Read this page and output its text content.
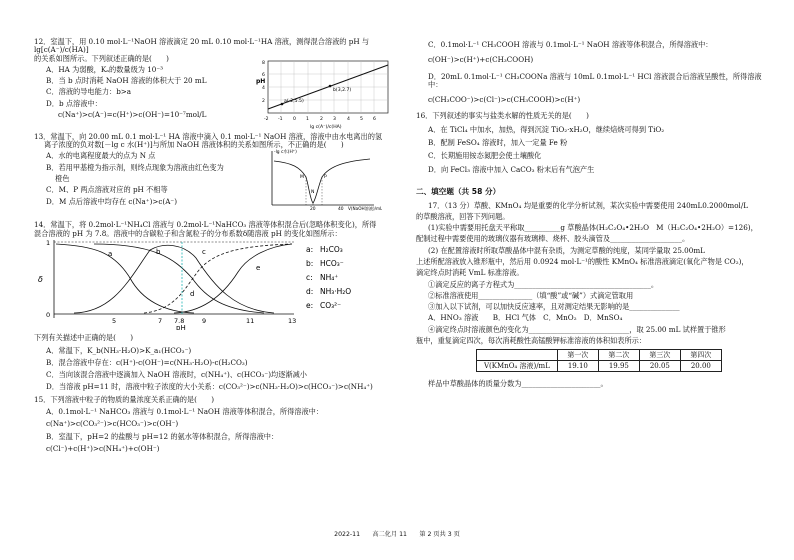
12．室温下，用 0.10 mol·L⁻¹NaOH 溶液滴定 20 mL 0.10 mol·L⁻¹HA 溶液，测得混合溶液的 pH 与 lg[c(A⁻)/c(HA)]

的关系如图所示。下列叙述正确的是(　　)

A．HA 为弱酸，Kₐ的数量级为 10⁻³

B．当 b 点时消耗 NaOH 溶液的体积大于 20 mL

C．溶液的导电能力：b>a

D．b 点溶液中：

c(Na⁺)>c(A⁻)=c(H⁺)>c(OH⁻)=10⁻⁷mol/L

a(-2,5.5)
b(3,2.7)
pH
2
4
6
8
-2 -1 0 1 2 3 4 5 6
lg c(A⁻)/c(HA)

13．常温下，向 20.00 mL 0.1 mol·L⁻¹ HA 溶液中滴入 0.1 mol·L⁻¹ NaOH 溶液，溶液中由水电离出的氢

离子浓度的负对数[－lg c 水(H⁺)]与所加 NaOH 溶液体积的关系如图所示，不正确的是(　　)

A．水的电离程度最大的点为 N 点

B．若用甲基橙为指示剂，则终点现象为溶液由红色变为

橙色

C．M、P 两点溶液对应的 pH 不相等

D．M 点后溶液中均存在 c(Na⁺)>c(A⁻)

-lg c水(H⁺)
M
N
P
20	40 V(NaOH溶液)/mL

14．常温下，将 0.2mol·L⁻¹NH₄Cl 溶液与 0.2mol·L⁻¹NaHCO₃ 溶液等体积混合后(忽略体积变化)，所得

混合溶液的 pH 为 7.8。溶液中的含碳粒子和含氮粒子的分布系数δ随溶液 pH 的变化如图所示：

a	b	c
d
e
δ
1
0
5	7 7.8	9	11	13
pH
a: H₂CO₃
b: HCO₃⁻
c: NH₄⁺
d: NH₃·H₂O
e: CO₃²⁻

下列有关描述中正确的是(　　)

A．常温下，K_b(NH₃·H₂O)>K_a₁(HCO₃⁻)

B．混合溶液中存在：c(H⁺)-c(OH⁻)=c(NH₃·H₂O)-c(H₂CO₃)

C．当向该混合溶液中逐滴加入 NaOH 溶液时，c(NH₄⁺)、c(HCO₃⁻)均逐渐减小

D．当溶液 pH=11 时，溶液中粒子浓度的大小关系：c(CO₃²⁻)>c(NH₃·H₂O)>c(HCO₃⁻)>c(NH₄⁺)

15．下列溶液中粒子的物质的量浓度关系正确的是(　　)

A．0.1mol·L⁻¹ NaHCO₃ 溶液与 0.1mol·L⁻¹ NaOH 溶液等体积混合，所得溶液中：

c(Na⁺)>c(CO₃²⁻)>c(HCO₃⁻)>c(OH⁻)

B．室温下，pH=2 的盐酸与 pH=12 的氨水等体积混合，所得溶液中：

c(Cl⁻)+c(H⁺)>c(NH₄⁺)+c(OH⁻)

C．0.1mol·L⁻¹ CH₃COOH 溶液与 0.1mol·L⁻¹ NaOH 溶液等体积混合，所得溶液中：

c(OH⁻)>c(H⁺)+c(CH₃COOH)

D．20mL 0.1mol·L⁻¹ CH₃COONa 溶液与 10mL 0.1mol·L⁻¹ HCl 溶液混合后溶液呈酸性，所得溶液中：

c(CH₃COO⁻)>c(Cl⁻)>c(CH₃COOH)>c(H⁺)

16．下列叙述的事实与盐类水解的性质无关的是(　　)

A．在 TiCl₄ 中加水，加热，得到沉淀 TiO₂·xH₂O，继续焙烧可得到 TiO₂

B．配制 FeSO₄ 溶液时，加入一定量 Fe 粉

C．长期施用铵态氮肥会使土壤酸化

D．向 FeCl₃ 溶液中加入 CaCO₃ 粉末后有气泡产生

二、填空题（共 58 分）

17．（13 分）草酸、KMnO₄ 均是重要的化学分析试剂，某次实验中需要使用 240mL0.2000mol/L

的草酸溶液，回答下列问题。

(1)实验中需要用托盘天平称取__________g 草酸晶体(H₂C₂O₄•2H₂O　M（H₂C₂O₄•2H₂O）=126)，

配制过程中需要使用的玻璃仪器有玻璃棒、烧杯、胶头滴管及____________________。

(2) 在配置溶液时所取草酸晶体中混有杂质，为测定草酸的纯度，某同学量取 25.00mL

上述所配溶液放入锥形瓶中，然后用 0.0924 mol·L⁻¹的酸性 KMnO₄ 标准溶液滴定(氧化产物是 CO₂)，

滴定终点时消耗 VmL 标准溶液。

①滴定反应的离子方程式为______________________________________。

②标准溶液使用_______________（填“酸”或“碱”）式滴定管取用

③加入以下试剂，可以加快反应速率，且对测定结果无影响的是______________

A．HNO₃ 溶液　　B．HCl 气体　C．MnO₂　D．MnSO₄

④滴定终点时溶液颜色的变化为____________________________，取 25.00 mL 试样置于锥形

瓶中，重复滴定四次，每次消耗酸性高锰酸钾标准溶液的体积如表所示：

	第一次	第二次	第三次	第四次
V(KMnO₄ 溶液)/mL	19.10	19.95	20.05	20.00

样品中草酸晶体的质量分数为______________________。

2022-11　　高二化月 11　　第 2 页共 3 页
